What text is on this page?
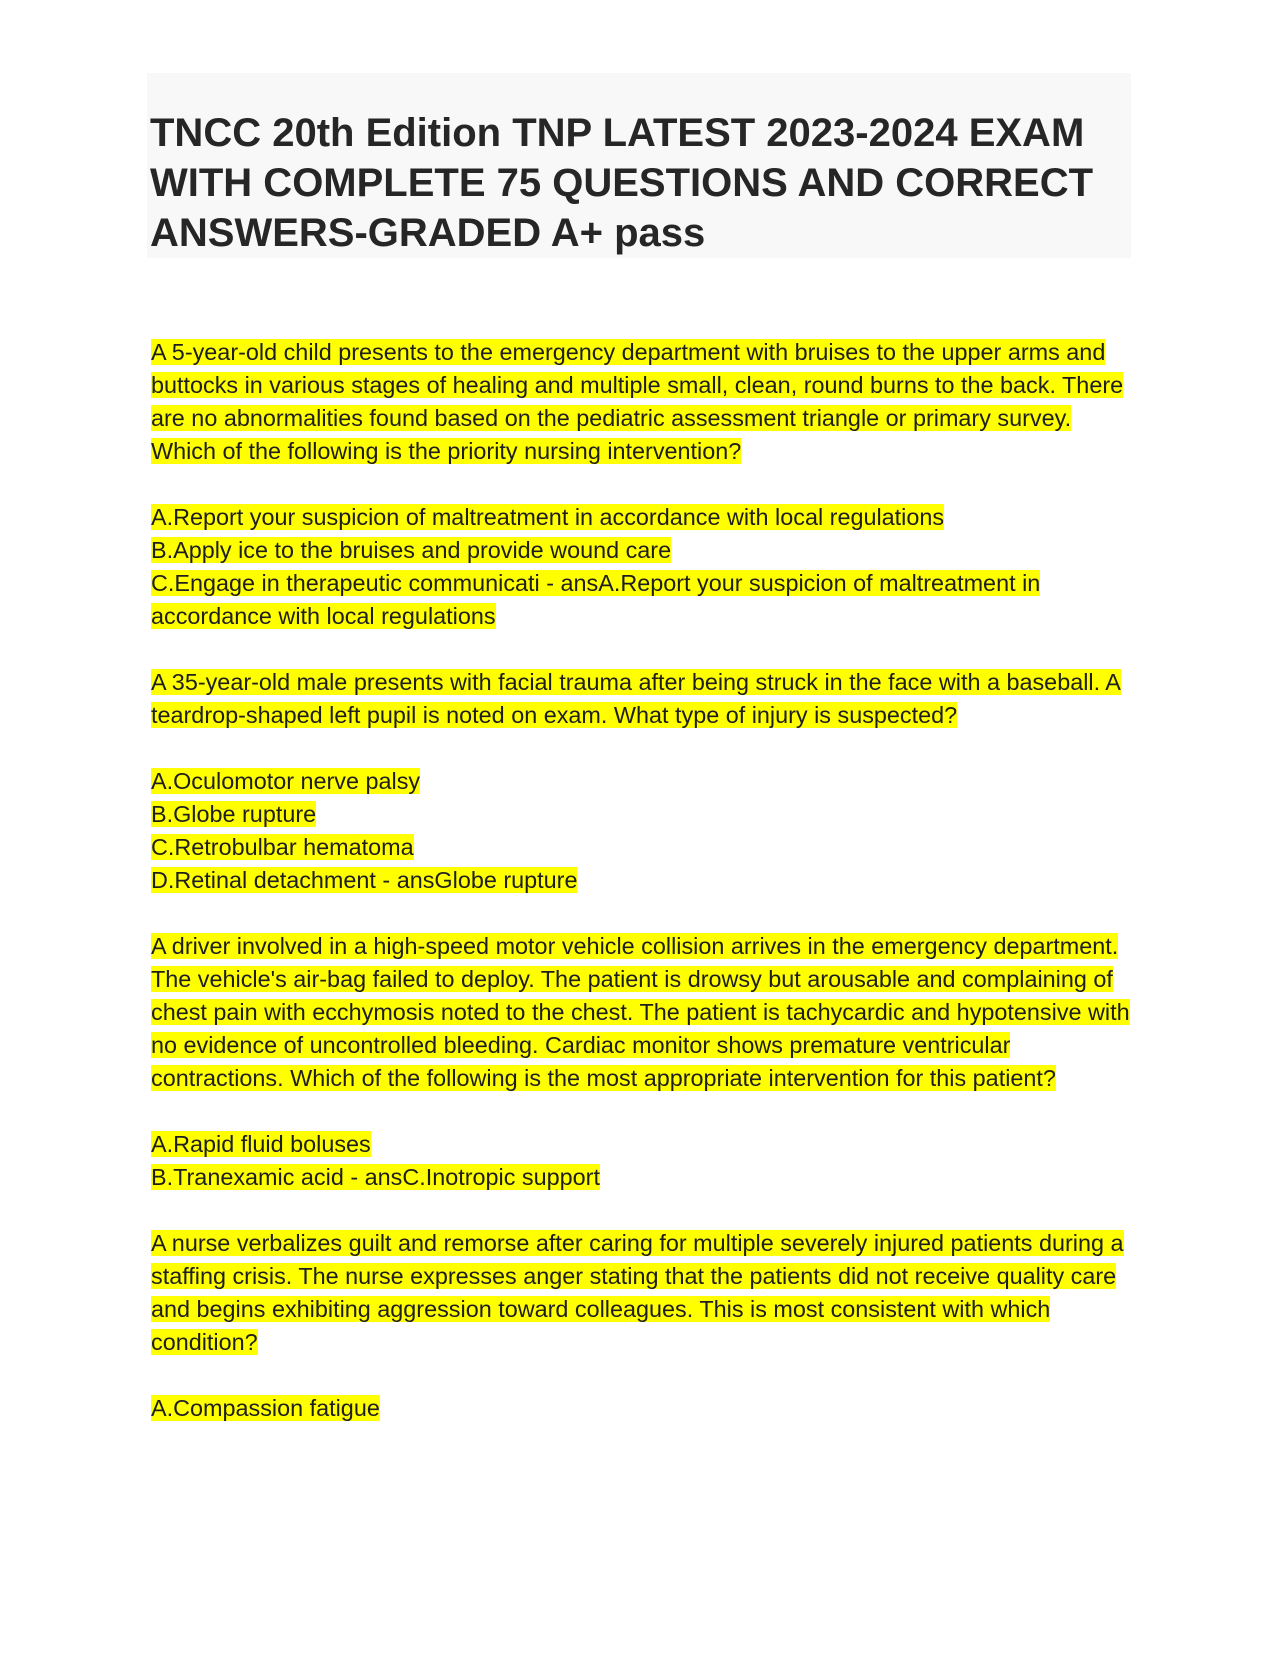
TNCC 20th Edition TNP LATEST 2023-2024 EXAM WITH COMPLETE 75 QUESTIONS AND CORRECT ANSWERS-GRADED A+ pass

A 5-year-old child presents to the emergency department with bruises to the upper arms and buttocks in various stages of healing and multiple small, clean, round burns to the back. There are no abnormalities found based on the pediatric assessment triangle or primary survey. Which of the following is the priority nursing intervention?

A.Report your suspicion of maltreatment in accordance with local regulations
B.Apply ice to the bruises and provide wound care
C.Engage in therapeutic communicati - ansA.Report your suspicion of maltreatment in accordance with local regulations

A 35-year-old male presents with facial trauma after being struck in the face with a baseball. A teardrop-shaped left pupil is noted on exam. What type of injury is suspected?

A.Oculomotor nerve palsy
B.Globe rupture
C.Retrobulbar hematoma
D.Retinal detachment - ansGlobe rupture

A driver involved in a high-speed motor vehicle collision arrives in the emergency department. The vehicle's air-bag failed to deploy. The patient is drowsy but arousable and complaining of chest pain with ecchymosis noted to the chest. The patient is tachycardic and hypotensive with no evidence of uncontrolled bleeding. Cardiac monitor shows premature ventricular contractions. Which of the following is the most appropriate intervention for this patient?

A.Rapid fluid boluses
B.Tranexamic acid - ansC.Inotropic support

A nurse verbalizes guilt and remorse after caring for multiple severely injured patients during a staffing crisis. The nurse expresses anger stating that the patients did not receive quality care and begins exhibiting aggression toward colleagues. This is most consistent with which condition?

A.Compassion fatigue
